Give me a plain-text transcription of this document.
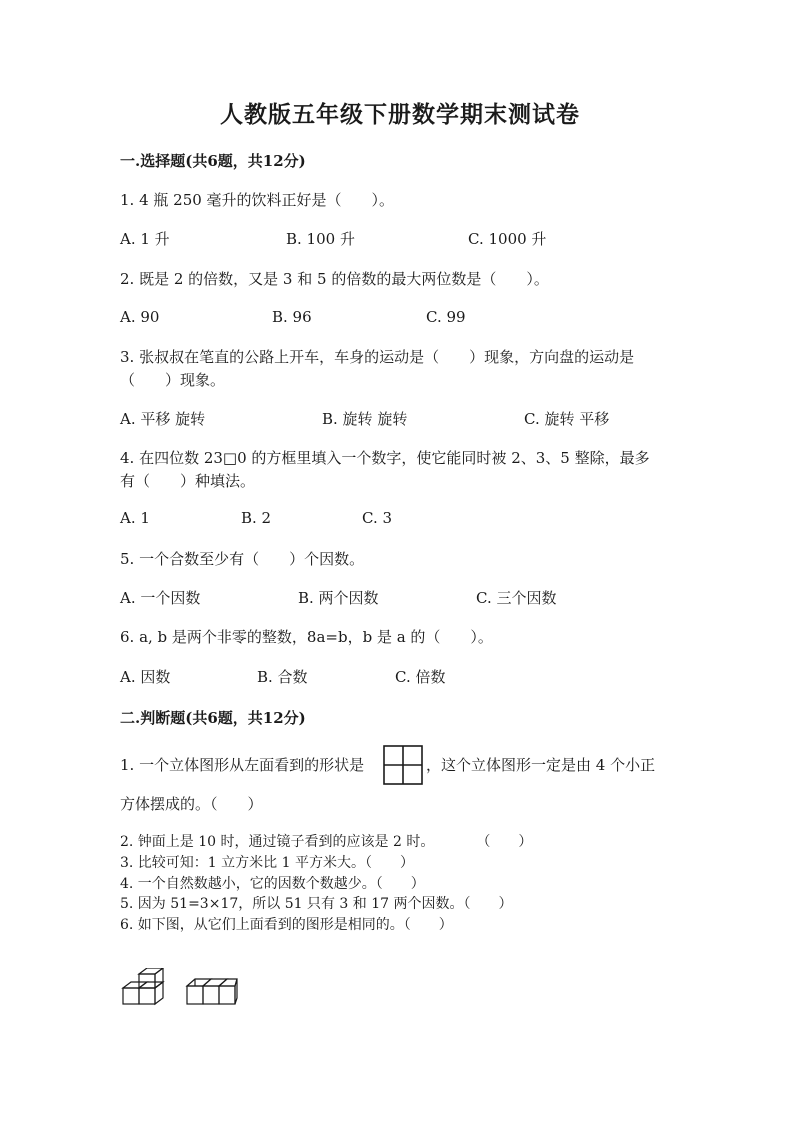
人教版五年级下册数学期末测试卷
一.选择题(共6题，共12分)
1. 4 瓶 250 毫升的饮料正好是（　　）。
A. 1 升	B. 100 升	C. 1000 升
2. 既是 2 的倍数，又是 3 和 5 的倍数的最大两位数是（　　）。
A. 90	B. 96	C. 99
3. 张叔叔在笔直的公路上开车，车身的运动是（　　）现象，方向盘的运动是
（　　）现象。
A. 平移 旋转	B. 旋转 旋转	C. 旋转 平移
4. 在四位数 23□0 的方框里填入一个数字，使它能同时被 2、3、5 整除，最多
有（　　）种填法。
A. 1	B. 2	C. 3
5. 一个合数至少有（　　）个因数。
A. 一个因数	B. 两个因数	C. 三个因数
6. a, b 是两个非零的整数，8a=b，b 是 a 的（　　）。
A. 因数	B. 合数	C. 倍数
二.判断题(共6题，共12分)
1. 一个立体图形从左面看到的形状是	，这个立体图形一定是由 4 个小正
方体摆成的。（　　）
2. 钟面上是 10 时，通过镜子看到的应该是 2 时。　　　　（　　）
3. 比较可知：1 立方米比 1 平方米大。（　　）
4. 一个自然数越小，它的因数个数越少。（　　）
5. 因为 51=3×17，所以 51 只有 3 和 17 两个因数。（　　）
6. 如下图，从它们上面看到的图形是相同的。（　　）
